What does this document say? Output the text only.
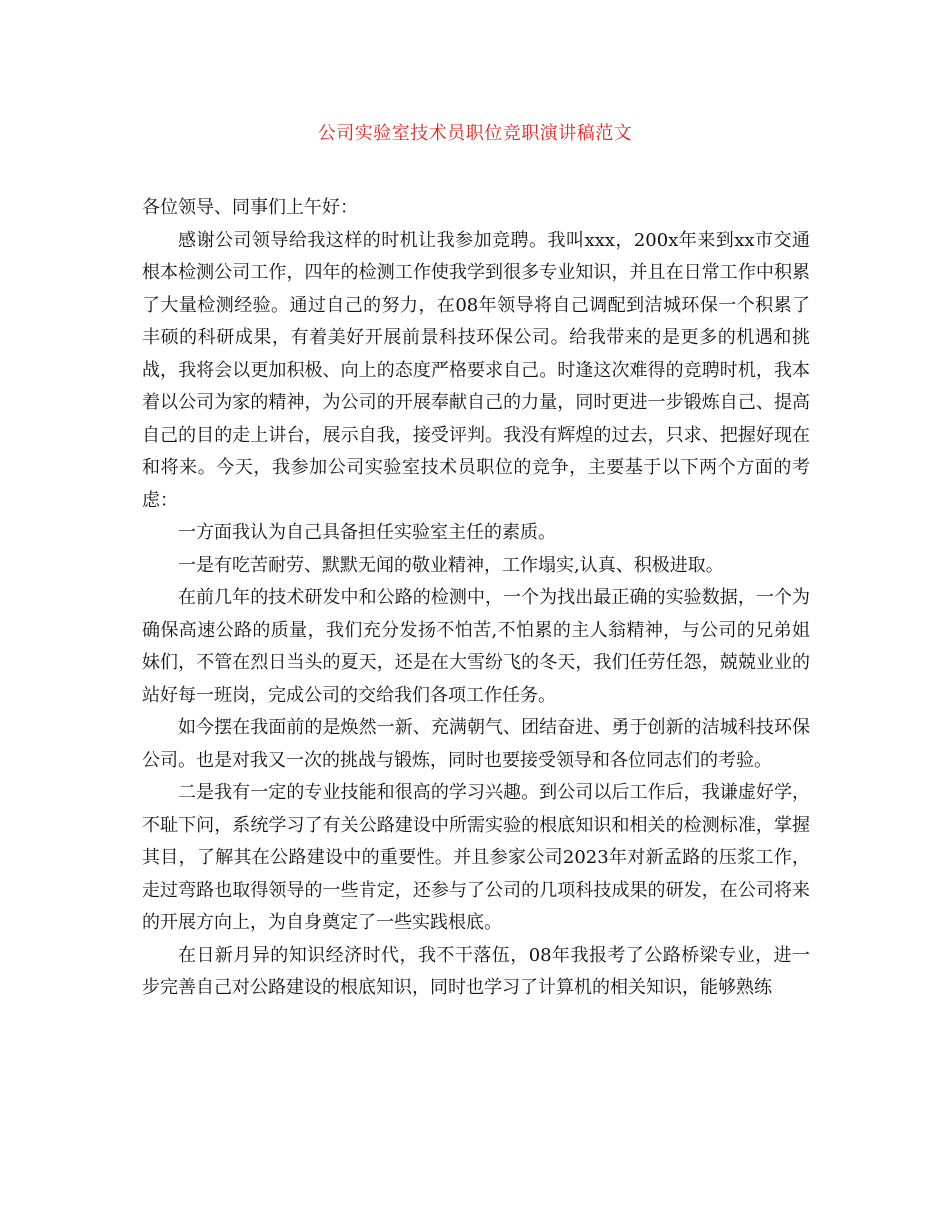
公司实验室技术员职位竞职演讲稿范文

各位领导、同事们上午好：

感谢公司领导给我这样的时机让我参加竞聘。我叫xxx，200x年来到xx市交通根本检测公司工作，四年的检测工作使我学到很多专业知识，并且在日常工作中积累了大量检测经验。通过自己的努力，在08年领导将自己调配到洁城环保一个积累了丰硕的科研成果，有着美好开展前景科技环保公司。给我带来的是更多的机遇和挑战，我将会以更加积极、向上的态度严格要求自己。时逢这次难得的竞聘时机，我本着以公司为家的精神，为公司的开展奉献自己的力量，同时更进一步锻炼自己、提高自己的目的走上讲台，展示自我，接受评判。我没有辉煌的过去，只求、把握好现在和将来。今天，我参加公司实验室技术员职位的竞争，主要基于以下两个方面的考虑：

一方面我认为自己具备担任实验室主任的素质。

一是有吃苦耐劳、默默无闻的敬业精神，工作塌实,认真、积极进取。

在前几年的技术研发中和公路的检测中，一个为找出最正确的实验数据，一个为确保高速公路的质量，我们充分发扬不怕苦,不怕累的主人翁精神，与公司的兄弟姐妹们，不管在烈日当头的夏天，还是在大雪纷飞的冬天，我们任劳任怨，兢兢业业的站好每一班岗，完成公司的交给我们各项工作任务。

如今摆在我面前的是焕然一新、充满朝气、团结奋进、勇于创新的洁城科技环保公司。也是对我又一次的挑战与锻炼，同时也要接受领导和各位同志们的考验。

二是我有一定的专业技能和很高的学习兴趣。到公司以后工作后，我谦虚好学，不耻下问，系统学习了有关公路建设中所需实验的根底知识和相关的检测标准，掌握其目，了解其在公路建设中的重要性。并且参家公司2023年对新孟路的压浆工作，走过弯路也取得领导的一些肯定，还参与了公司的几项科技成果的研发，在公司将来的开展方向上，为自身奠定了一些实践根底。

在日新月异的知识经济时代，我不干落伍，08年我报考了公路桥梁专业，进一步完善自己对公路建设的根底知识，同时也学习了计算机的相关知识，能够熟练
